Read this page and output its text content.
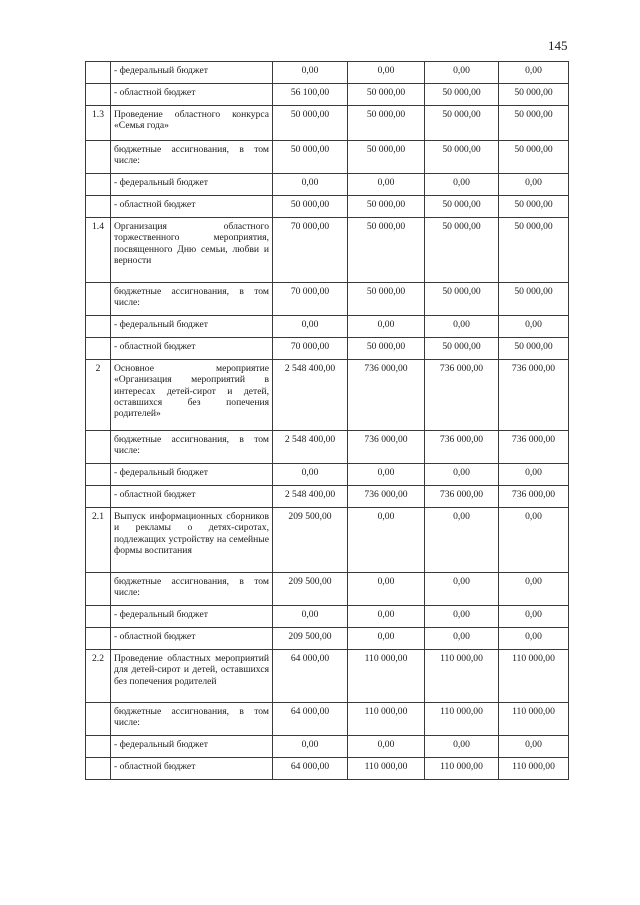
145
	- федеральный бюджет	0,00	0,00	0,00	0,00
	- областной бюджет	56 100,00	50 000,00	50 000,00	50 000,00
1.3	Проведение областного конкурса «Семья года»	50 000,00	50 000,00	50 000,00	50 000,00
	бюджетные ассигнования, в том числе:	50 000,00	50 000,00	50 000,00	50 000,00
	- федеральный бюджет	0,00	0,00	0,00	0,00
	- областной бюджет	50 000,00	50 000,00	50 000,00	50 000,00
1.4	Организация областного торжественного мероприятия, посвященного Дню семьи, любви и верности	70 000,00	50 000,00	50 000,00	50 000,00
	бюджетные ассигнования, в том числе:	70 000,00	50 000,00	50 000,00	50 000,00
	- федеральный бюджет	0,00	0,00	0,00	0,00
	- областной бюджет	70 000,00	50 000,00	50 000,00	50 000,00
2	Основное мероприятие «Организация мероприятий в интересах детей-сирот и детей, оставшихся без попечения родителей»	2 548 400,00	736 000,00	736 000,00	736 000,00
	бюджетные ассигнования, в том числе:	2 548 400,00	736 000,00	736 000,00	736 000,00
	- федеральный бюджет	0,00	0,00	0,00	0,00
	- областной бюджет	2 548 400,00	736 000,00	736 000,00	736 000,00
2.1	Выпуск информационных сборников и рекламы о детях-сиротах, подлежащих устройству на семейные формы воспитания	209 500,00	0,00	0,00	0,00
	бюджетные ассигнования, в том числе:	209 500,00	0,00	0,00	0,00
	- федеральный бюджет	0,00	0,00	0,00	0,00
	- областной бюджет	209 500,00	0,00	0,00	0,00
2.2	Проведение областных мероприятий для детей-сирот и детей, оставшихся без попечения родителей	64 000,00	110 000,00	110 000,00	110 000,00
	бюджетные ассигнования, в том числе:	64 000,00	110 000,00	110 000,00	110 000,00
	- федеральный бюджет	0,00	0,00	0,00	0,00
	- областной бюджет	64 000,00	110 000,00	110 000,00	110 000,00
